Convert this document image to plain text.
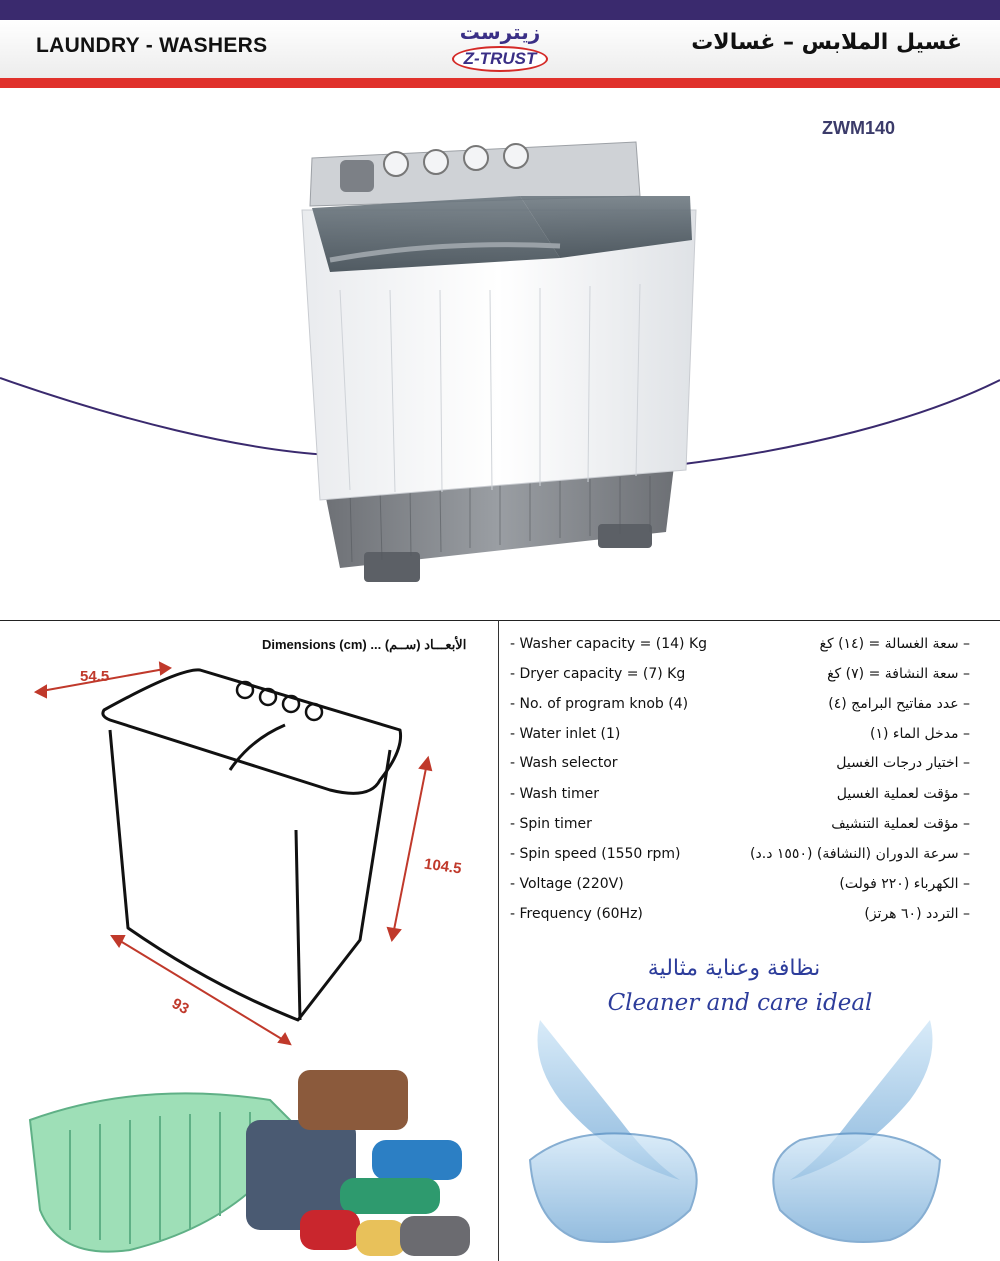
LAUNDRY - WASHERS	غسيل الملابس – غسالات
زيترست
Z-TRUST
ZWM140
Dimensions (cm) ... الأبعـــاد (ســم)
54.5
104.5
93
- Washer capacity = (14) Kg	– سعة الغسالة = (١٤) كغ
- Dryer capacity = (7) Kg	– سعة النشافة = (٧) كغ
- No. of program knob (4)	– عدد مفاتيح البرامج (٤)
- Water inlet (1)	– مدخل الماء (١)
- Wash selector	– اختيار درجات الغسيل
- Wash timer	– مؤقت لعملية الغسيل
- Spin timer	– مؤقت لعملية التنشيف
- Spin speed (1550 rpm)	– سرعة الدوران (النشافة) (١٥٥٠ د.د)
- Voltage (220V)	– الكهرباء (٢٢٠ فولت)
- Frequency (60Hz)	– التردد (٦٠ هرتز)
نظافة وعناية مثالية
Cleaner and care ideal
